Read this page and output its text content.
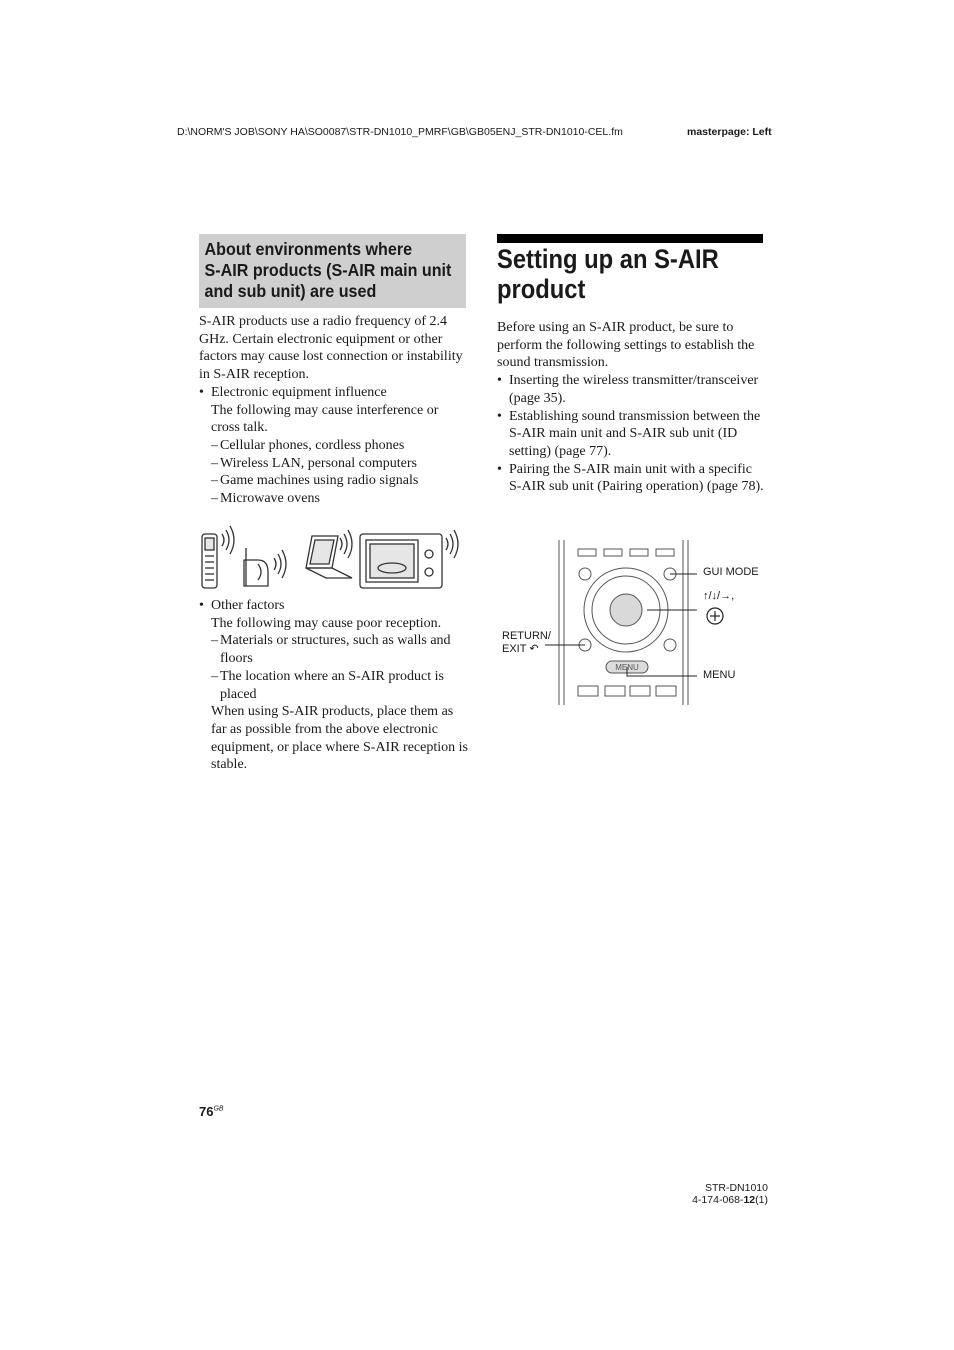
D:\NORM'S JOB\SONY HA\SO0087\STR-DN1010_PMRF\GB\GB05ENJ_STR-DN1010-CEL.fm	masterpage: Left
About environments where
S-AIR products (S-AIR main unit
and sub unit) are used

S-AIR products use a radio frequency of 2.4 GHz. Certain electronic equipment or other factors may cause lost connection or instability in S-AIR reception.

• Electronic equipment influence

The following may cause interference or cross talk.

– Cellular phones, cordless phones

– Wireless LAN, personal computers

– Game machines using radio signals

– Microwave ovens

• Other factors

The following may cause poor reception.

– Materials or structures, such as walls and floors

– The location where an S-AIR product is placed

When using S-AIR products, place them as far as possible from the above electronic equipment, or place where S-AIR reception is stable.

Setting up an S-AIR
product

Before using an S-AIR product, be sure to perform the following settings to establish the sound transmission.

• Inserting the wireless transmitter/transceiver (page 35).

• Establishing sound transmission between the S-AIR main unit and S-AIR sub unit (ID setting) (page 77).

• Pairing the S-AIR main unit with a specific S-AIR sub unit (Pairing operation) (page 78).

MENU
GUI MODE
↑/↓/→,
RETURN/
EXIT ↶
MENU
$76^{GB}$
STR-DN1010
4-174-068-12(1)
